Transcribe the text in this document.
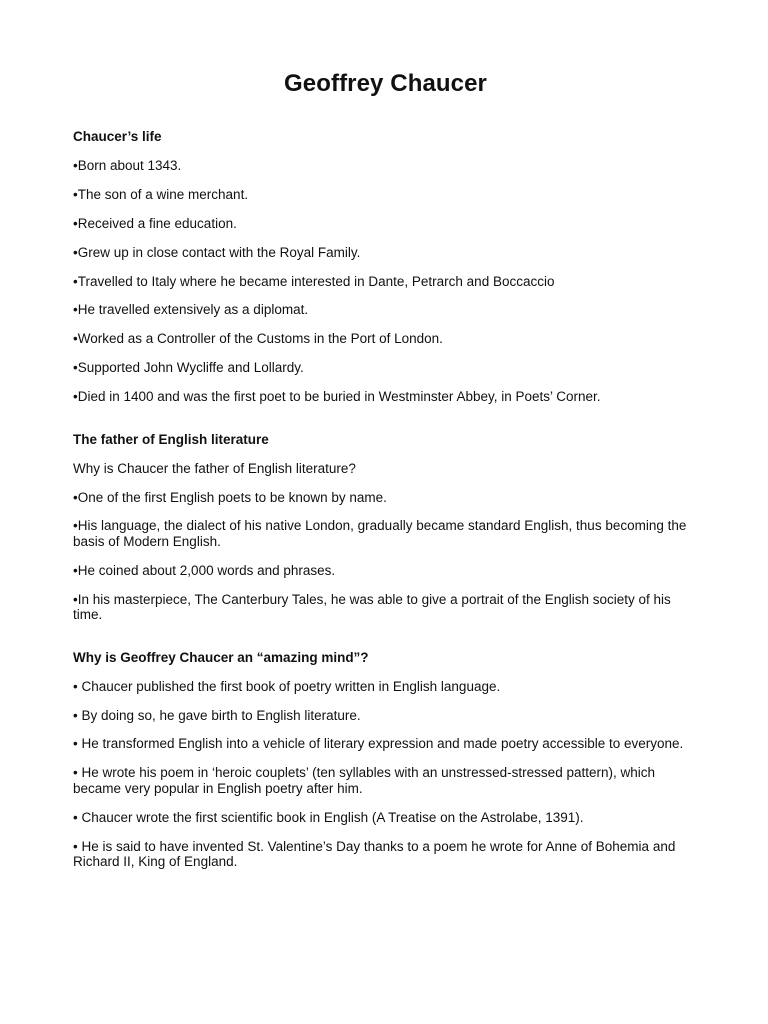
Geoffrey Chaucer
Chaucer’s life

•Born about 1343.

•The son of a wine merchant.

•Received a fine education.

•Grew up in close contact with the Royal Family.

•Travelled to Italy where he became interested in Dante, Petrarch and Boccaccio

•He travelled extensively as a diplomat.

•Worked as a Controller of the Customs in the Port of London.

•Supported John Wycliffe and Lollardy.

•Died in 1400 and was the first poet to be buried in Westminster Abbey, in Poets’ Corner.

The father of English literature

Why is Chaucer the father of English literature?

•One of the first English poets to be known by name.

•His language, the dialect of his native London, gradually became standard English, thus becoming the basis of Modern English.

•He coined about 2,000 words and phrases.

•In his masterpiece, The Canterbury Tales, he was able to give a portrait of the English society of his time.

Why is Geoffrey Chaucer an “amazing mind”?

• Chaucer published the first book of poetry written in English language.

• By doing so, he gave birth to English literature.

• He transformed English into a vehicle of literary expression and made poetry accessible to everyone.

• He wrote his poem in ‘heroic couplets’ (ten syllables with an unstressed-stressed pattern), which became very popular in English poetry after him.

• Chaucer wrote the first scientific book in English (A Treatise on the Astrolabe, 1391).

• He is said to have invented St. Valentine’s Day thanks to a poem he wrote for Anne of Bohemia and Richard II, King of England.
